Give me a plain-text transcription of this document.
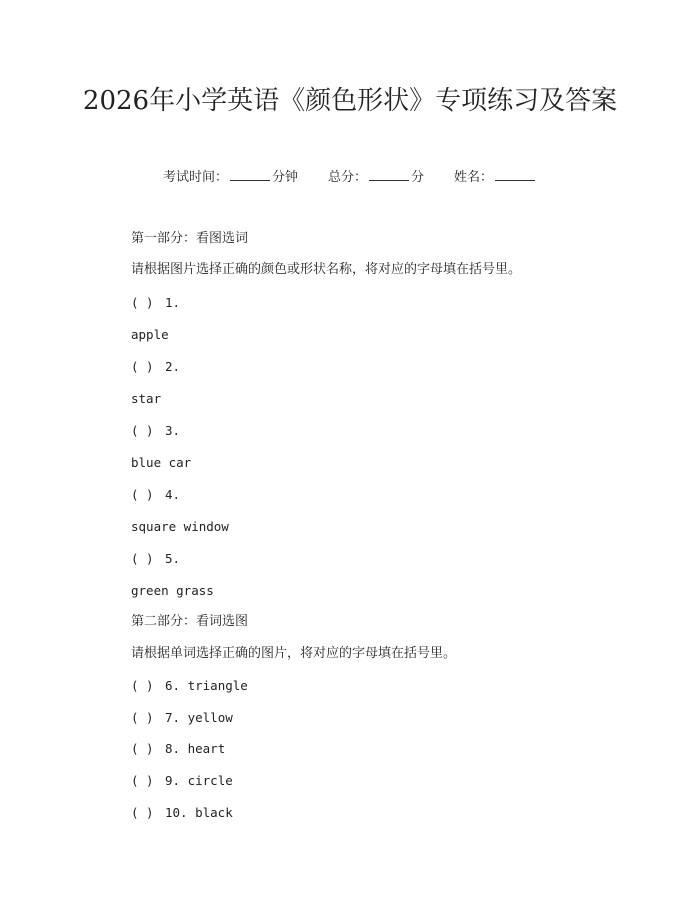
2026年小学英语《颜色形状》专项练习及答案
考试时间：	分钟 总分：	分 姓名：
第一部分：看图选词
请根据图片选择正确的颜色或形状名称，将对应的字母填在括号里。
( ) 1.
apple
( ) 2.
star
( ) 3.
blue car
( ) 4.
square window
( ) 5.
green grass
第二部分：看词选图
请根据单词选择正确的图片，将对应的字母填在括号里。
( ) 6. triangle
( ) 7. yellow
( ) 8. heart
( ) 9. circle
( ) 10. black
